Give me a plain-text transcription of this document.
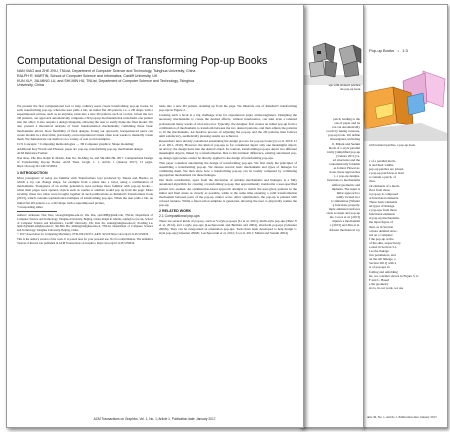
Pop-up Books • 1:3
with textured patches. a pop-up book.
s of a parallel mech-
ts and their widths.
pop-up patches are joined,
e pop-up patch has at least
n contain a patch, of
ches.
ral elements of a mech-
ffers from those
n pop-up is composed
al functional elements.
These basic elements
nd types of linkage.
e pop-ups from those
functional elements
nt pop-up mechanisms.
the input figure of
then, as in Section
a more detailed struc-
ted on a computer
f the pop-up as the
of the skin, respectively.
e used in Section 3.1,
l as the linkage
tive parameters, and
on the All linkage, a
Section 2011] with a
ts of pop-ups in
folding and unfolding
lar, we consider shown in Figure 3, is
F and C. Based
s the geometry
sts is, in our work, we use
ume 36, No. 1, Article 1. Publication date: January 2017.
ape with textured patches;
ole pop-up book.
patch, leading to the
ons of paper and its
ion via automatically
roach by taking contours,
pop-up book. We define
investigated, including
ll. Mitani and Suzuki
thods of v-style parallel
iculty [simplified pop-up
[Uehara 2011] vs.
ed structures and the
t automatically foldable
as folded. However,
tions, these approaches
1-1 pop-up designs.
functions to mechanisms
ssified geometric and
mphasis. The input is
milar approach to
ssibly located in a
ic simulation [Winder
g functions properly.
mple animated surfaces
oints as input and pop-up
ms. Coros et al. [2013]
mputes a mechanism
t. [2013] and Zhu et al.
ifferent mechanical toy
Computational Design of Transforming Pop-up Books
NAN XIAO and ZHE ZHU, TNList, Department of Computer Science and Technology, Tsinghua University, China
RALPH R. MARTIN, School of Computer Science and Informatics, Cardiff University, UK
KUN XU*, JIA-MING LU, and SHI-MIN HU, TNList, Department of Computer Science and Technology, Tsinghua
University, China

We present the first computational tool to help ordinary users create transforming pop-up books. In each transforming pop-up, when the user pulls a tab, an initial flat 2D pattern, i.e. a 2D shape with a superimposed picture, such as an airplane, turns into a new 2D pattern, such as a robot. Given the two 2D patterns, our approach automatically computes a 3D pop-up mechanism that transforms one pattern into the other; it also outputs a design blueprint, allowing the user to easily make the final model. We also present a theoretical analysis of basic transformation mechanisms; combining these basic mechanisms allows more flexibility of final designs. Using our approach, inexperienced users can create models in a short time; previously, even experienced artists often took weeks to manually create them. We demonstrate our method on a variety of real world examples.

CCS Concepts: • Computing methodologies → 3D Computer graphics; Shape modeling;

Additional Key Words and Phrases: paper art, pop-up, transforming pop-up, mechanism design

ACM Reference Format:

Nan Xiao, Zhe Zhu, Ralph R. Martin, Kun Xu, Jia-Ming Lu, and Shi-Min Hu. 2017. Computational Design of Transforming Pop-up Books. ACM Trans. Graph. 1, 1, Article 1 (January 2017), 13 pages. https://doi.org/10.1145/3156934

1 INTRODUCTION

Most youngsters of today are familiar with Transformers toys produced by Takara and Hasbro, in which a toy can change shape, for example from a plane into a robot, using a combination of mechanisms. Youngsters of an earlier generation were perhaps more familiar with pop-up books—when their pages were opened, objects such as castles or animals would pop up from the page. More recently, these two ideas were brought together in such publications as Reinhart's Transformers book [2013], which contains sophisticated examples of transforming pop-ups. When the user pulls a tab, an initial flat 2D pattern, i.e. a 2D shape with a superimposed picture,

*corresponding author

Authors' addresses: Nan Xiao, xiaon@tsinghua.edu.cn; Zhe Zhu, ajex1988@gmail.com, TNList, Department of Computer Science and Technology, Tsinghua University, Beijing, China; Ralph R. Martin, ralph@cs.cf.ac.uk, School of Computer Science and Informatics, Cardiff University, UK; Kun Xu, xukun@tsinghua.edu.cn; Jia-Ming Lu, lujm13@mails.tsinghua.edu.cn; Shi-Min Hu, shimin@tsinghua.edu.cn, TNList, Department of Computer Science and Technology, Tsinghua University, Beijing, China.

© 2017 Association for Computing Machinery. 0730-0301/2017/1-ART1 $15.00 https://doi.org/10.1145/3156934

This is the author's version of the work. It is posted here for your personal use. Not for redistribution. The definitive Version of Record was published in ACM Transactions on Graphics, https://doi.org/10.1145/3156934.

turns into a new 2D pattern, standing up from the page. We illustrate one of Reinhart's transforming pop-ups in Figure 2.

Creating such a book is a big challenge even for experienced paper artists/engineers. Designing the necessary mechanisms to create the desired effects, without interference, can take even a talented professional many weeks of trial and error. Typically, the designer first creates an initial pop-up from a combination of mechanisms to transform between the two desired patterns, and then adjusts the patterns to fit the mechanisms. An iterative process of adjusting the pop-up and the 2D patterns then follows until satisfactory, aesthetically pleasing results are achieved.

Researchers have already considered automating the design process for pop-up books [Li et al. 2010; Li et al. 2011, 2010]. However, the kind of pop-ups so far considered depict only one meaningful object; an art/toy: the design turns into the desired object. In contrast, transforming pop-ups depict two different meaningful objects, linked by a transformation. Due to this intrinsic difference, existing automated pop-up design approaches cannot be directly applied to the design of transforming pop-ups.

This paper considers automating the design of transforming pop-ups. We first study the principles of assembling a transforming pop-up. We discuss several basic mechanisms and types of linkages for combining them. We then show how a transforming pop-up can be readily computed by combining appropriate mechanisms via these linkages.

Our main contribution, apart from the discussion of suitable mechanisms and linkages, is a fully automated algorithm for creating a transforming pop-up that approximately transforms a user-specified pattern into another. An optimization-based approach attempts to match the user-given patterns in the initial and final states as closely as possible, while at the same time ensuring a valid transformation mechanism between parts of the pop-up cannot occur. After optimization, the pop-up is painted with colored textures. While a fixed action template is generated, allowing the user to physically realize the pop-up.

2 RELATED WORK
2.1 Computational pop-ups

There are several kinds of pop-up, such as V-style pop-ups [Li et al. 2011], multi-style pop-ups [Ruiz Jr et al. 2014], and v-style pop-ups [Lee/Sprowski and Berman and 2004], sliceform pop-ups [Glassner 2002b]. They can be categorized as orientation pop-ups. Tools have been developed to help design v-style pop-ups [Glassner 2002b; Lee/Sprowski et al. 2012; Li et al. 2011; Mitani and Suzuki 2004]

ACM Transactions on Graphics, Vol. 1, No. 1, Article 1. Publication date: January 2017.
